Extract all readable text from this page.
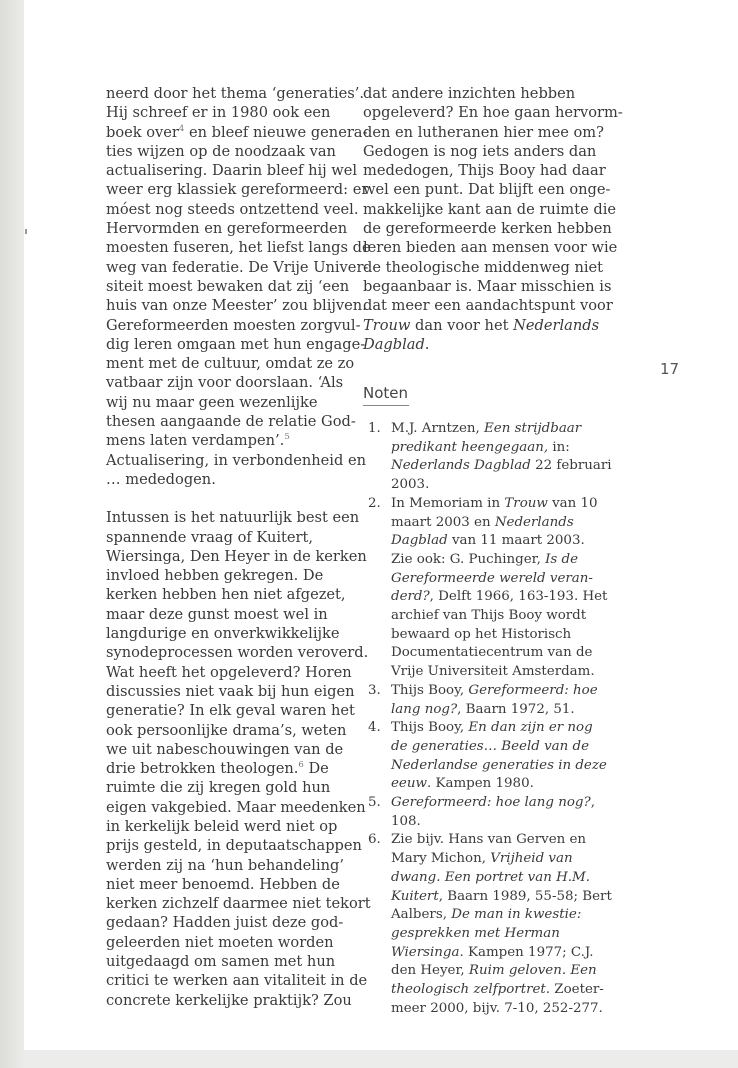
neerd door het thema ‘generaties’.
Hij schreef er in 1980 ook een
boek over$^4$ en bleef nieuwe genera-
ties wijzen op de noodzaak van
actualisering. Daarin bleef hij wel
weer erg klassiek gereformeerd: er
móest nog steeds ontzettend veel.
Hervormden en gereformeerden
moesten fuseren, het liefst langs de
weg van federatie. De Vrije Univer-
siteit moest bewaken dat zij ‘een
huis van onze Meester’ zou blijven.
Gereformeerden moesten zorgvul-
dig leren omgaan met hun engage-
ment met de cultuur, omdat ze zo
vatbaar zijn voor doorslaan. ‘Als
wij nu maar geen wezenlijke
thesen aangaande de relatie God-
mens laten verdampen’.$^5$
Actualisering, in verbondenheid en
… mededogen.
Intussen is het natuurlijk best een
spannende vraag of Kuitert,
Wiersinga, Den Heyer in de kerken
invloed hebben gekregen. De
kerken hebben hen niet afgezet,
maar deze gunst moest wel in
langdurige en onverkwikkelijke
synodeprocessen worden veroverd.
Wat heeft het opgeleverd? Horen
discussies niet vaak bij hun eigen
generatie? In elk geval waren het
ook persoonlijke drama’s, weten
we uit nabeschouwingen van de
drie betrokken theologen.$^6$ De
ruimte die zij kregen gold hun
eigen vakgebied. Maar meedenken
in kerkelijk beleid werd niet op
prijs gesteld, in deputaatschappen
werden zij na ‘hun behandeling’
niet meer benoemd. Hebben de
kerken zichzelf daarmee niet tekort
gedaan? Hadden juist deze god-
geleerden niet moeten worden
uitgedaagd om samen met hun
critici te werken aan vitaliteit in de
concrete kerkelijke praktijk? Zou
dat andere inzichten hebben
opgeleverd? En hoe gaan hervorm-
den en lutheranen hier mee om?
Gedogen is nog iets anders dan
mededogen, Thijs Booy had daar
wel een punt. Dat blijft een onge-
makkelijke kant aan de ruimte die
de gereformeerde kerken hebben
leren bieden aan mensen voor wie
de theologische middenweg niet
begaanbaar is. Maar misschien is
dat meer een aandachtspunt voor
Trouw dan voor het Nederlands
Dagblad.
17
Noten
1. M.J. Arntzen, Een strijdbaar
predikant heengegaan, in:
Nederlands Dagblad 22 februari
2003.
2. In Memoriam in Trouw van 10
maart 2003 en Nederlands
Dagblad van 11 maart 2003.
Zie ook: G. Puchinger, Is de
Gereformeerde wereld veran-
derd?, Delft 1966, 163-193. Het
archief van Thijs Booy wordt
bewaard op het Historisch
Documentatiecentrum van de
Vrije Universiteit Amsterdam.
3. Thijs Booy, Gereformeerd: hoe
lang nog?, Baarn 1972, 51.
4. Thijs Booy, En dan zijn er nog
de generaties… Beeld van de
Nederlandse generaties in deze
eeuw. Kampen 1980.
5. Gereformeerd: hoe lang nog?,
108.
6. Zie bijv. Hans van Gerven en
Mary Michon, Vrijheid van
dwang. Een portret van H.M.
Kuitert, Baarn 1989, 55-58; Bert
Aalbers, De man in kwestie:
gesprekken met Herman
Wiersinga. Kampen 1977; C.J.
den Heyer, Ruim geloven. Een
theologisch zelfportret. Zoeter-
meer 2000, bijv. 7-10, 252-277.
